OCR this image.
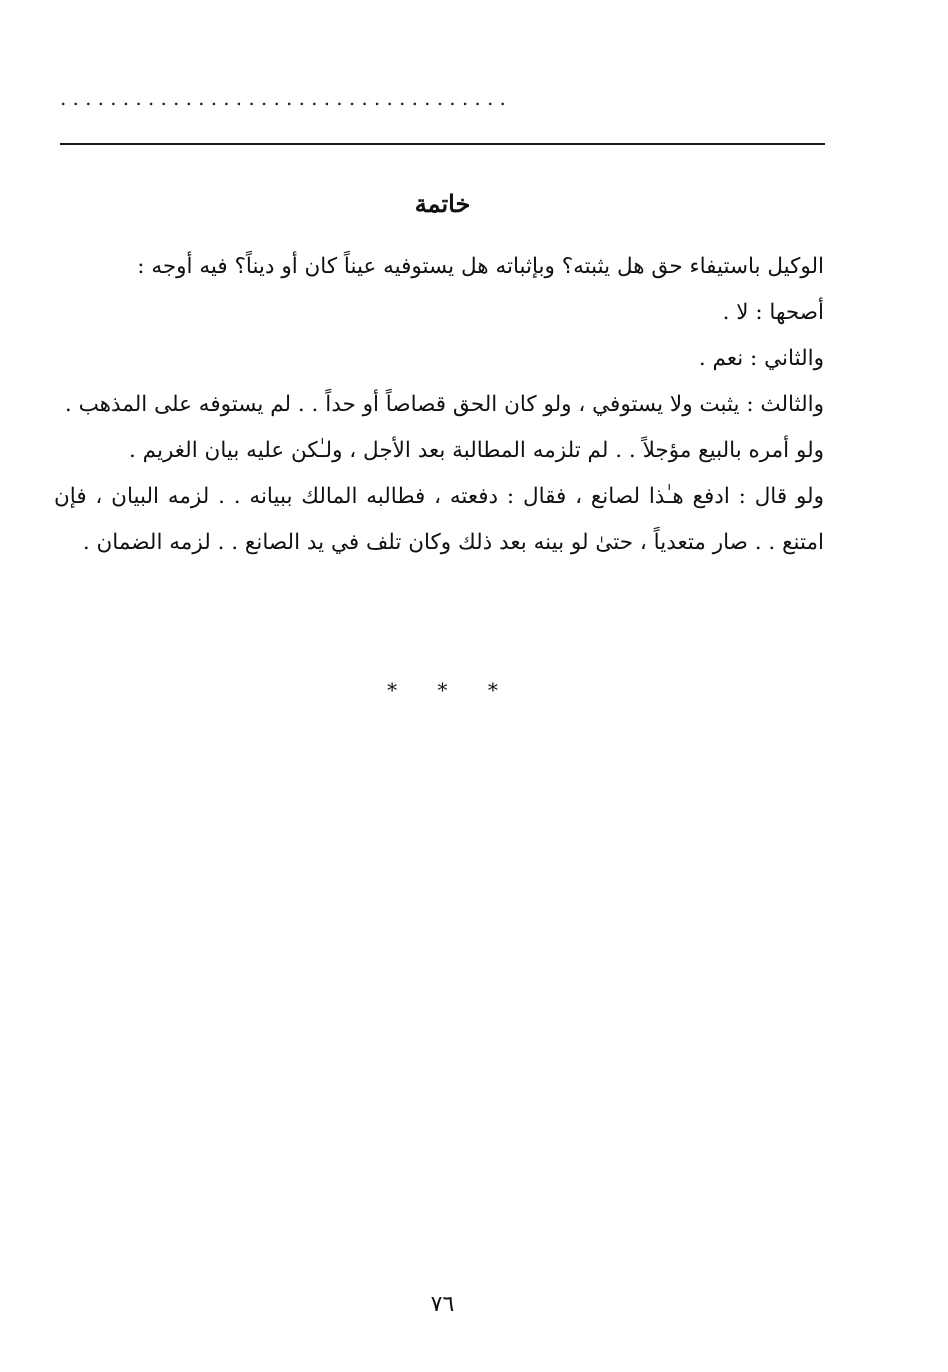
....................................
خاتمة

الوكيل باستيفاء حق هل يثبته؟ وبإثباته هل يستوفيه عيناً كان أو ديناً؟ فيه أوجه :

أصحها : لا .

والثاني : نعم .

والثالث : يثبت ولا يستوفي ، ولو كان الحق قصاصاً أو حداً . . لم يستوفه على المذهب .

ولو أمره بالبيع مؤجلاً . . لم تلزمه المطالبة بعد الأجل ، ولـٰكن عليه بيان الغريم .

ولو قال : ادفع هـٰذا لصانع ، فقال : دفعته ، فطالبه المالك ببيانه . . لزمه البيان ، فإن امتنع . . صار متعدياً ، حتىٰ لو بينه بعد ذلك وكان تلف في يد الصانع . . لزمه الضمان .

* * *
٧٦
